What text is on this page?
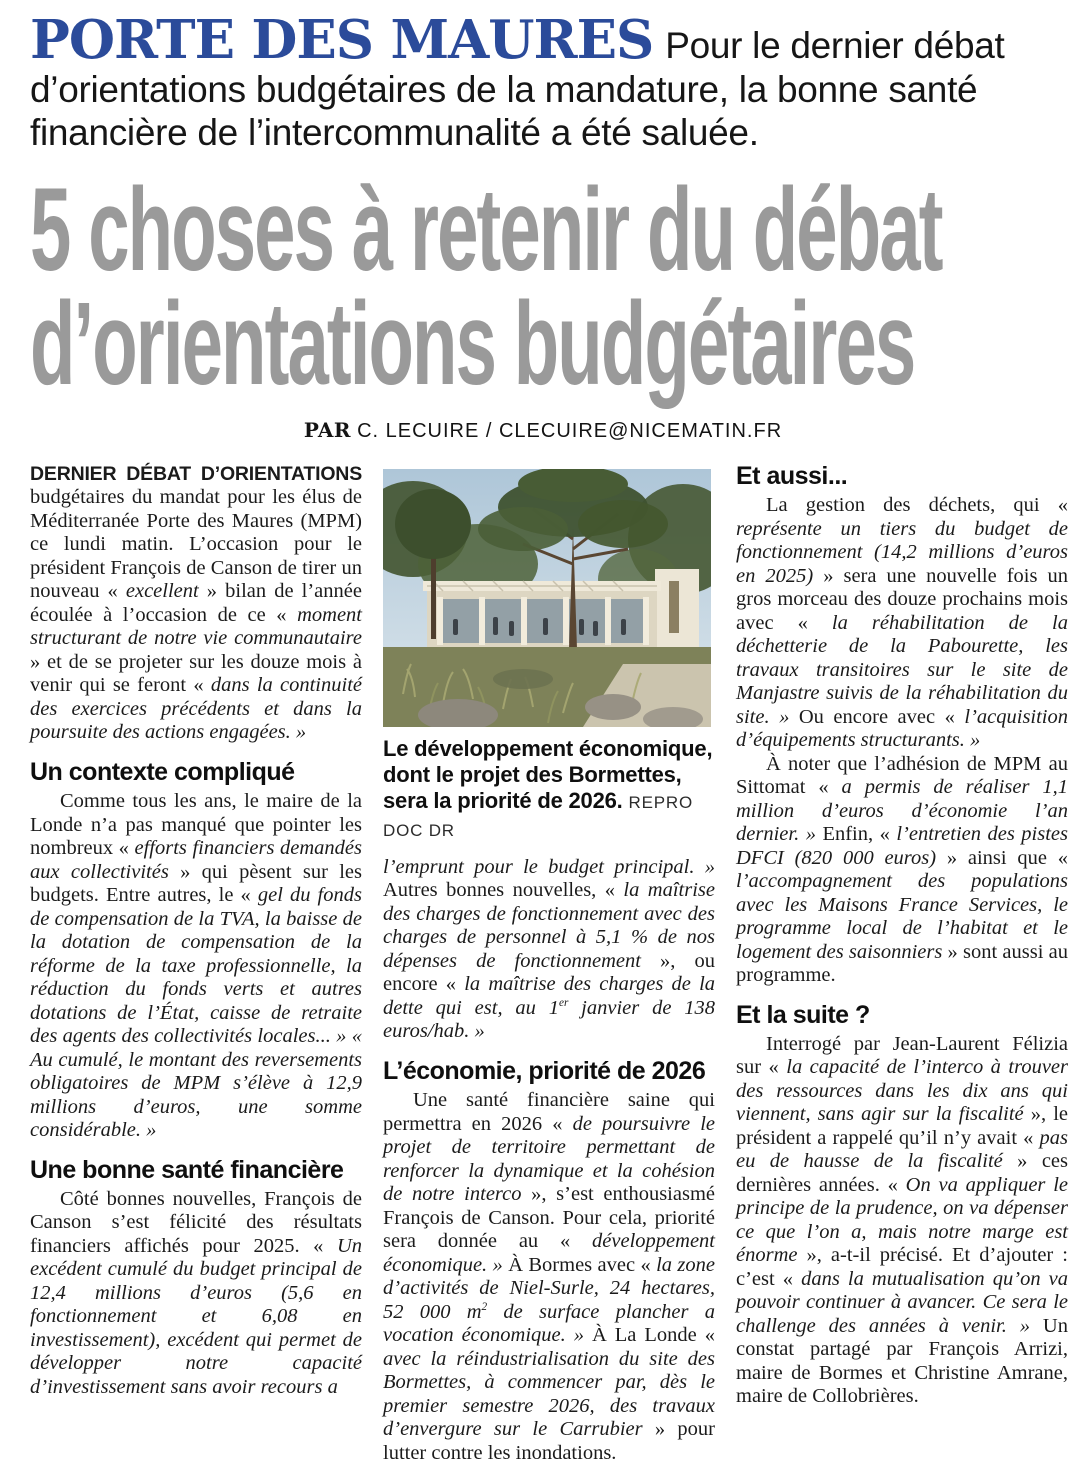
PORTE DES MAURES Pour le dernier débat d’orientations budgétaires de la mandature, la bonne santé financière de l’intercommunalité a été saluée.
5 choses à retenir du débat
d’orientations budgétaires
PAR C. LECUIRE / CLECUIRE@NICEMATIN.FR

DERNIER DÉBAT D’ORIENTATIONS budgétaires du mandat pour les élus de Méditerranée Porte des Maures (MPM) ce lundi matin. L’occasion pour le président François de Canson de tirer un nouveau « excellent » bilan de l’année écoulée à l’occasion de ce « moment structurant de notre vie communautaire » et de se projeter sur les douze mois à venir qui se feront « dans la continuité des exercices précédents et dans la poursuite des actions engagées. »

Un contexte compliqué

Comme tous les ans, le maire de la Londe n’a pas manqué que pointer les nombreux « efforts financiers demandés aux collectivités » qui pèsent sur les budgets. Entre autres, le « gel du fonds de compensation de la TVA, la baisse de la dotation de compensation de la réforme de la taxe professionnelle, la réduction du fonds verts et autres dotations de l’État, caisse de retraite des agents des collectivités locales... » « Au cumulé, le montant des reversements obligatoires de MPM s’élève à 12,9 millions d’euros, une somme considérable. »

Une bonne santé financière

Côté bonnes nouvelles, François de Canson s’est félicité des résultats financiers affichés pour 2025. « Un excédent cumulé du budget principal de 12,4 millions d’euros (5,6 en fonctionnement et 6,08 en investissement), excédent qui permet de développer notre capacité d’investissement sans avoir recours a

Le développement économique, dont le projet des Bormettes, sera la priorité de 2026. REPRO DOC DR

l’emprunt pour le budget principal. » Autres bonnes nouvelles, « la maîtrise des charges de fonctionnement avec des charges de personnel à 5,1 % de nos dépenses de fonctionnement », ou encore « la maîtrise des charges de la dette qui est, au 1er janvier de 138 euros/hab. »

L’économie, priorité de 2026

Une santé financière saine qui permettra en 2026 « de poursuivre le projet de territoire permettant de renforcer la dynamique et la cohésion de notre interco », s’est enthousiasmé François de Canson. Pour cela, priorité sera donnée au « développement économique. » À Bormes avec « la zone d’activités de Niel-Surle, 24 hectares, 52 000 $m^2$ de surface plancher a vocation économique. » À La Londe « avec la réindustrialisation du site des Bormettes, à commencer par, dès le premier semestre 2026, des travaux d’envergure sur le Carrubier » pour lutter contre les inondations.

Et aussi...

La gestion des déchets, qui « représente un tiers du budget de fonctionnement (14,2 millions d’euros en 2025) » sera une nouvelle fois un gros morceau des douze prochains mois avec « la réhabilitation de la déchetterie de la Pabourette, les travaux transitoires sur le site de Manjastre suivis de la réhabilitation du site. » Ou encore avec « l’acquisition d’équipements structurants. »

À noter que l’adhésion de MPM au Sittomat « a permis de réaliser 1,1 million d’euros d’économie l’an dernier. » Enfin, « l’entretien des pistes DFCI (820 000 euros) » ainsi que « l’accompagnement des populations avec les Maisons France Services, le programme local de l’habitat et le logement des saisonniers » sont aussi au programme.

Et la suite ?

Interrogé par Jean-Laurent Félizia sur « la capacité de l’interco à trouver des ressources dans les dix ans qui viennent, sans agir sur la fiscalité », le président a rappelé qu’il n’y avait « pas eu de hausse de la fiscalité » ces dernières années. « On va appliquer le principe de la prudence, on va dépenser ce que l’on a, mais notre marge est énorme », a-t-il précisé. Et d’ajouter : c’est « dans la mutualisation qu’on va pouvoir continuer à avancer. Ce sera le challenge des années à venir. » Un constat partagé par François Arrizi, maire de Bormes et Christine Amrane, maire de Collobrières.
